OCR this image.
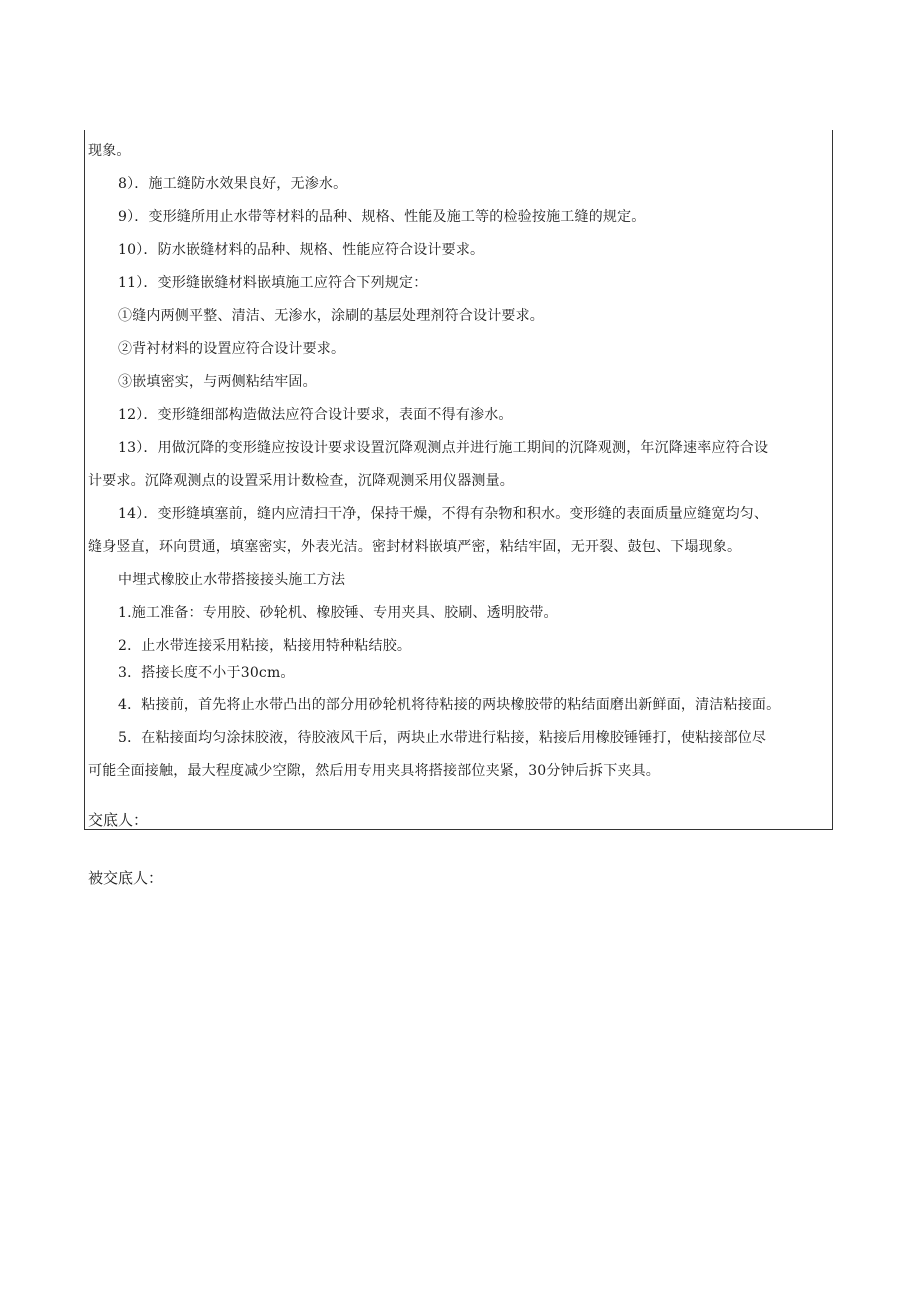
现象。
8）．施工缝防水效果良好，无渗水。
9）．变形缝所用止水带等材料的品种、规格、性能及施工等的检验按施工缝的规定。
10）．防水嵌缝材料的品种、规格、性能应符合设计要求。
11）．变形缝嵌缝材料嵌填施工应符合下列规定：
①缝内两侧平整、清洁、无渗水，涂刷的基层处理剂符合设计要求。
②背衬材料的设置应符合设计要求。
③嵌填密实，与两侧粘结牢固。
12）．变形缝细部构造做法应符合设计要求，表面不得有渗水。
13）．用做沉降的变形缝应按设计要求设置沉降观测点并进行施工期间的沉降观测，年沉降速率应符合设
计要求。沉降观测点的设置采用计数检查，沉降观测采用仪器测量。
14）．变形缝填塞前，缝内应清扫干净，保持干燥，不得有杂物和积水。变形缝的表面质量应缝宽均匀、
缝身竖直，环向贯通，填塞密实，外表光洁。密封材料嵌填严密，粘结牢固，无开裂、鼓包、下塌现象。
中埋式橡胶止水带搭接接头施工方法
1.施工准备：专用胶、砂轮机、橡胶锤、专用夹具、胶刷、透明胶带。
2．止水带连接采用粘接，粘接用特种粘结胶。
3．搭接长度不小于30cm。
4．粘接前，首先将止水带凸出的部分用砂轮机将待粘接的两块橡胶带的粘结面磨出新鲜面，清洁粘接面。
5．在粘接面均匀涂抹胶液，待胶液风干后，两块止水带进行粘接，粘接后用橡胶锤锤打，使粘接部位尽
可能全面接触，最大程度减少空隙，然后用专用夹具将搭接部位夹紧，30分钟后拆下夹具。
交底人：
被交底人：
